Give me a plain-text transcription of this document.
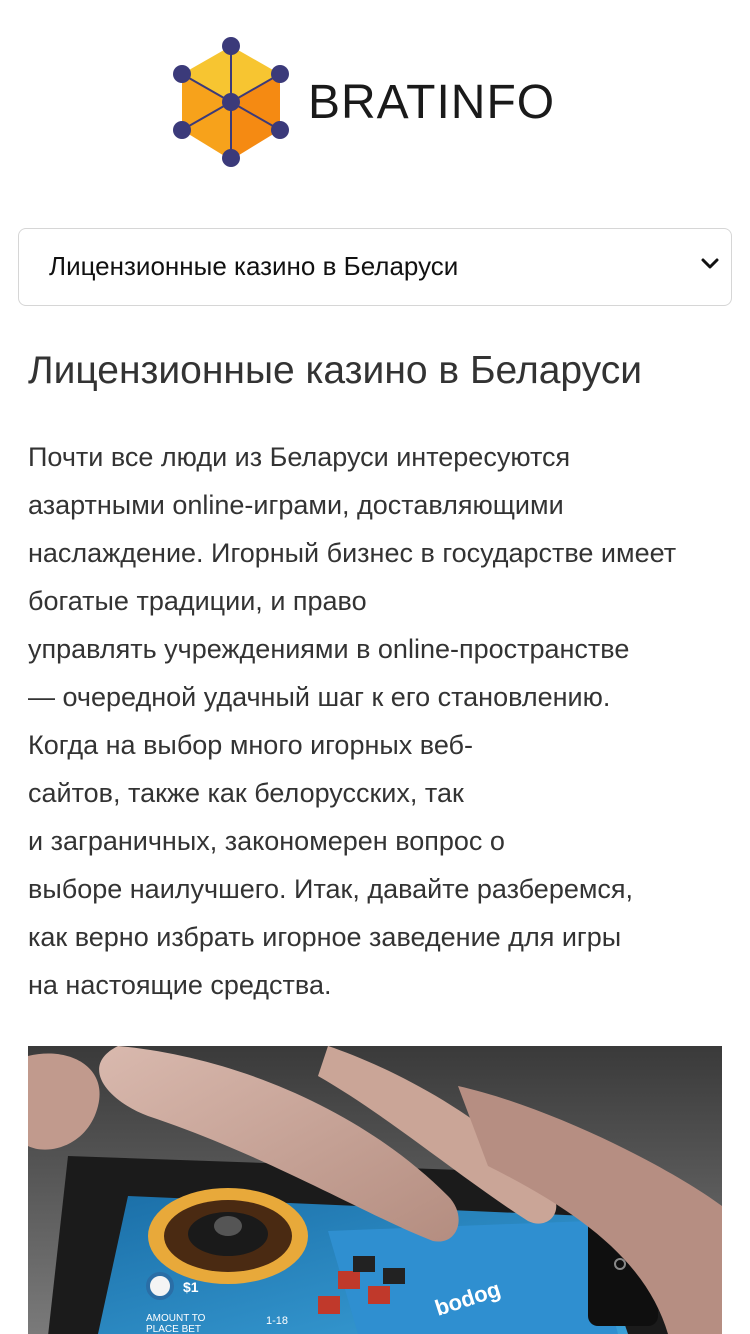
BRATINFO
Лицензионные казино в Беларуси
Лицензионные казино в Беларуси

Почти все люди из Беларуси интересуются
азартными online-играми, доставляющими
наслаждение. Игорный бизнес в государстве имеет
богатые традиции, и право
управлять учреждениями в online-пространстве
— очередной удачный шаг к его становлению.
Когда на выбор много игорных веб-
сайтов, также как белорусских, так
и заграничных, закономерен вопрос о
выборе наилучшего. Итак, давайте разберемся,
как верно избрать игорное заведение для игры
на настоящие средства.

$1
AMOUNT TO
PLACE BET
1-18
bodog
